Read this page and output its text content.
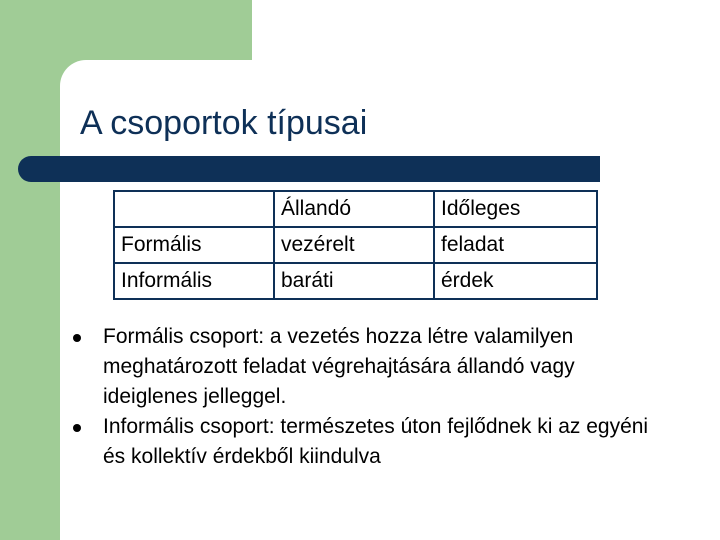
A csoportok típusai
	Állandó	Időleges
Formális	vezérelt	feladat
Informális	baráti	érdek
Formális csoport: a vezetés hozza létre valamilyen meghatározott feladat végrehajtására állandó vagy ideiglenes jelleggel.
Informális csoport: természetes úton fejlődnek ki az egyéni és kollektív érdekből kiindulva
